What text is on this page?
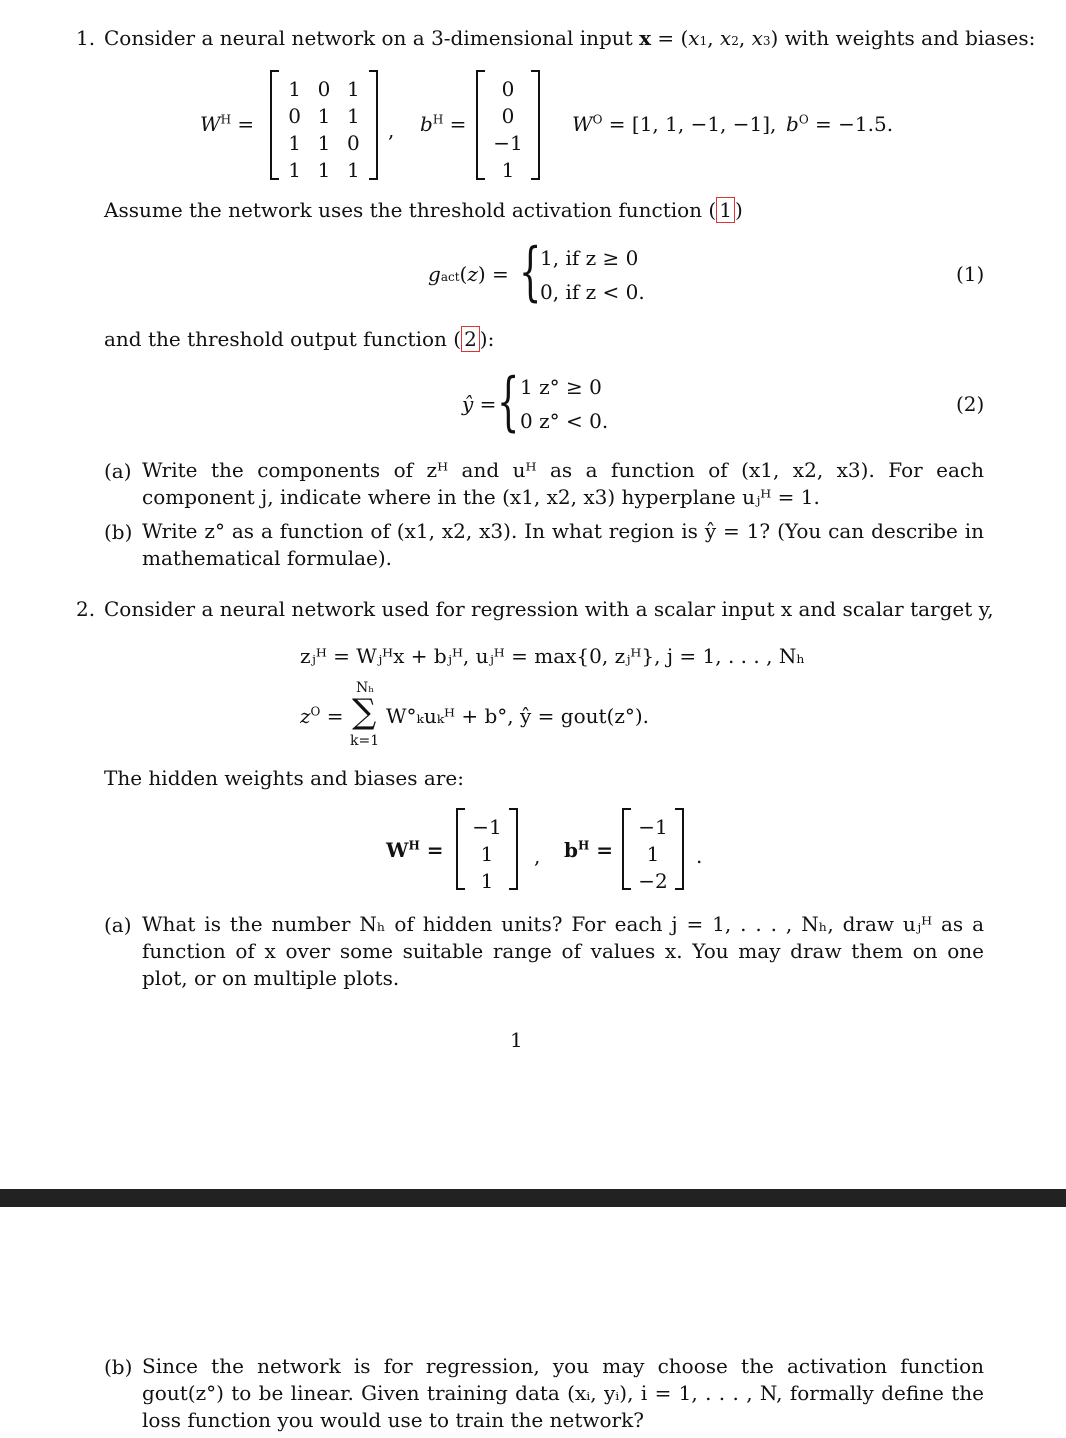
1. Consider a neural network on a 3-dimensional input x = (x1, x2, x3) with weights and biases:
$W^H$ =
1 0 1
0 1 1
1 1 0
1 1 1
, $b^H$ =
0
0
−1
1
$W^O = [1$, 1, −1, −1], $b^O = -1.5$.
Assume the network uses the threshold activation function ( 1 )
gact(z) = {
1, if z ≥ 0
0, if z < 0.
(1)
and the threshold output function ( 2 ):
ŷ = { 1 z° ≥ 0
0 z° < 0.
(2)
(a) Write the components of zᴴ and uᴴ as a function of (x1, x2, x3). For each component j, indicate where in the (x1, x2, x3) hyperplane uⱼᴴ = 1.
(b) Write z° as a function of (x1, x2, x3). In what region is ŷ = 1? (You can describe in mathematical formulae).
2. Consider a neural network used for regression with a scalar input x and scalar target y,
zⱼᴴ = Wⱼᴴx + bⱼᴴ, uⱼᴴ = max{0, zⱼᴴ}, j = 1, . . . , Nₕ
$z^O$ =
Nₕ
∑
k=1
W°ₖuₖᴴ + b°, ŷ = gout(z°).
The hidden weights and biases are:
$W^H$ =
−1
1
1
, $b^H$ =
−1
1
−2
.
(a) What is the number Nₕ of hidden units? For each j = 1, . . . , Nₕ, draw uⱼᴴ as a function of x over some suitable range of values x. You may draw them on one plot, or on multiple plots.
1
(b) Since the network is for regression, you may choose the activation function gout(z°) to be linear. Given training data (xᵢ, yᵢ), i = 1, . . . , N, formally define the loss function you would use to train the network?
